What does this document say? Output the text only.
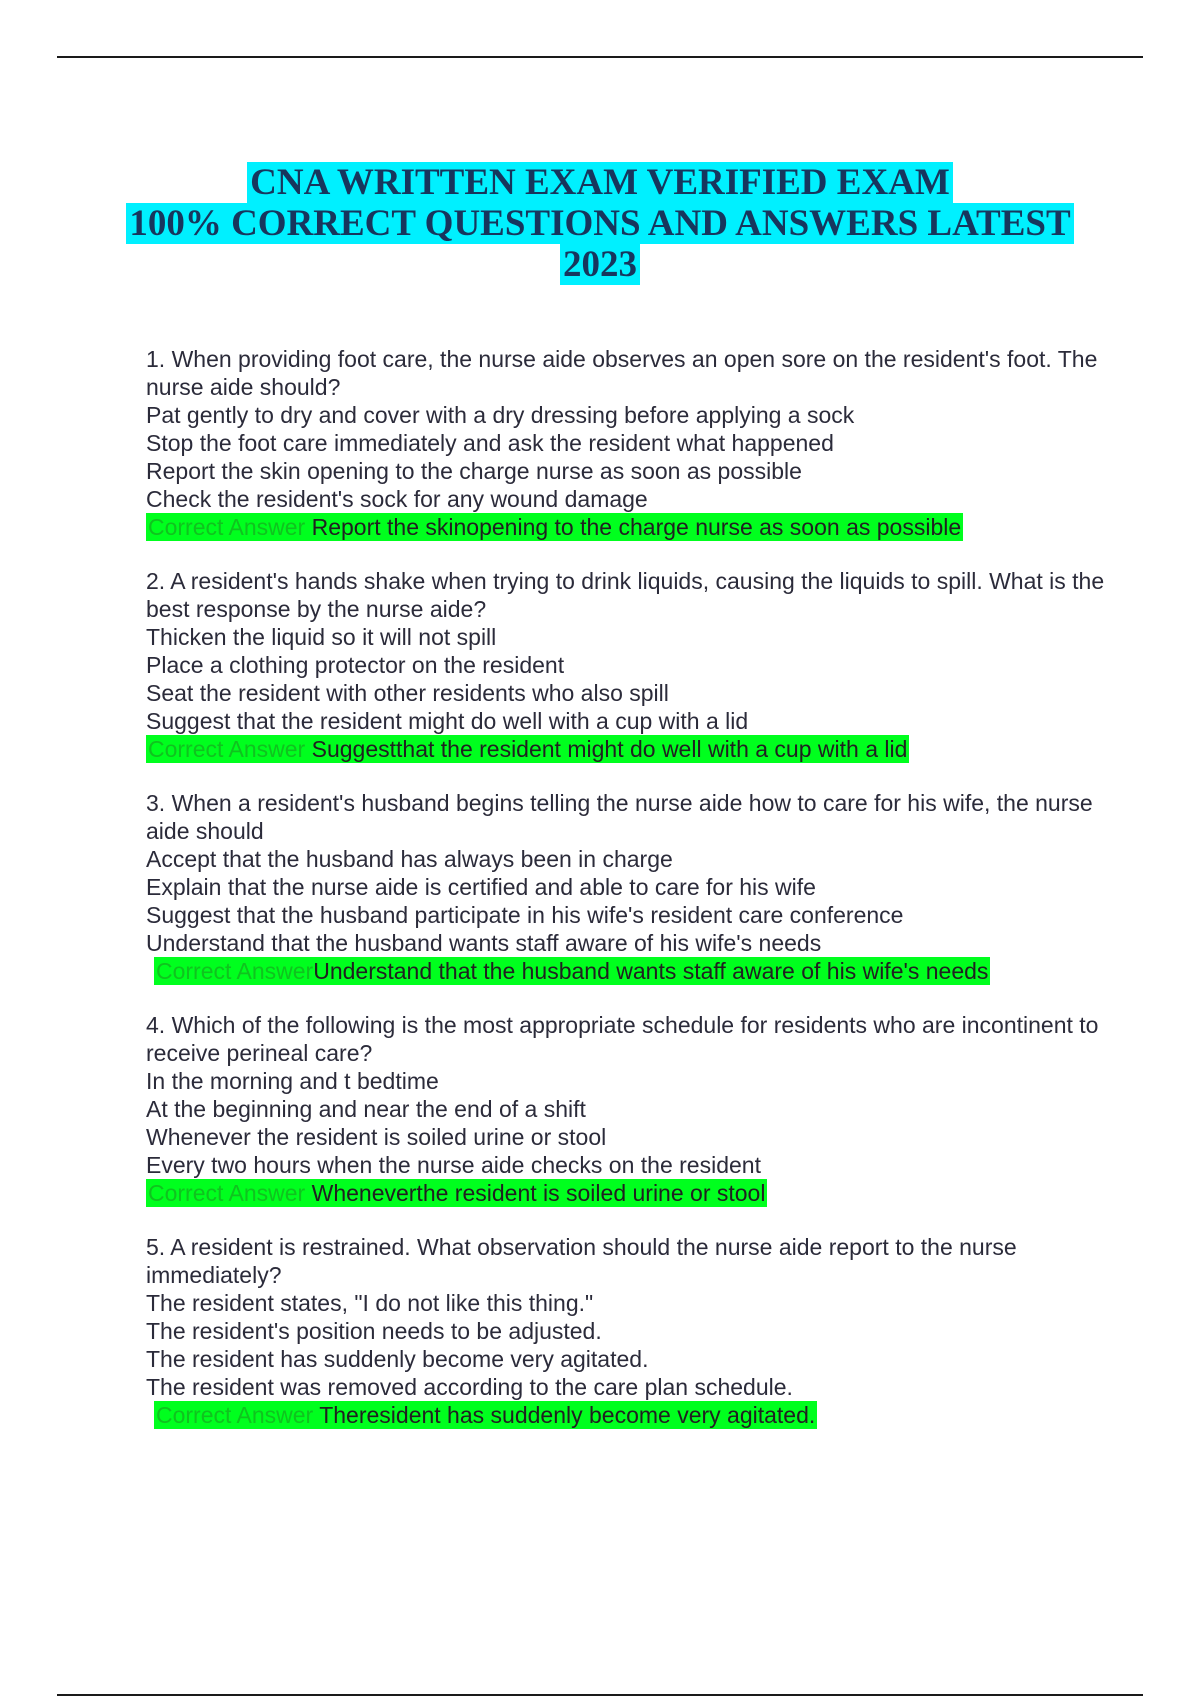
CNA WRITTEN EXAM VERIFIED EXAM
100% CORRECT QUESTIONS AND ANSWERS LATEST
2023
1. When providing foot care, the nurse aide observes an open sore on the resident's foot. The nurse aide should?
Pat gently to dry and cover with a dry dressing before applying a sock
Stop the foot care immediately and ask the resident what happened
Report the skin opening to the charge nurse as soon as possible
Check the resident's sock for any wound damage
Correct Answer Report the skinopening to the charge nurse as soon as possible
2. A resident's hands shake when trying to drink liquids, causing the liquids to spill. What is the best response by the nurse aide?
Thicken the liquid so it will not spill
Place a clothing protector on the resident
Seat the resident with other residents who also spill
Suggest that the resident might do well with a cup with a lid
Correct Answer Suggestthat the resident might do well with a cup with a lid
3. When a resident's husband begins telling the nurse aide how to care for his wife, the nurse aide should
Accept that the husband has always been in charge
Explain that the nurse aide is certified and able to care for his wife
Suggest that the husband participate in his wife's resident care conference
Understand that the husband wants staff aware of his wife's needs
Correct AnswerUnderstand that the husband wants staff aware of his wife's needs
4. Which of the following is the most appropriate schedule for residents who are incontinent to receive perineal care?
In the morning and t bedtime
At the beginning and near the end of a shift
Whenever the resident is soiled urine or stool
Every two hours when the nurse aide checks on the resident
Correct Answer Wheneverthe resident is soiled urine or stool
5. A resident is restrained. What observation should the nurse aide report to the nurse immediately?
The resident states, "I do not like this thing."
The resident's position needs to be adjusted.
The resident has suddenly become very agitated.
The resident was removed according to the care plan schedule.
Correct Answer Theresident has suddenly become very agitated.
